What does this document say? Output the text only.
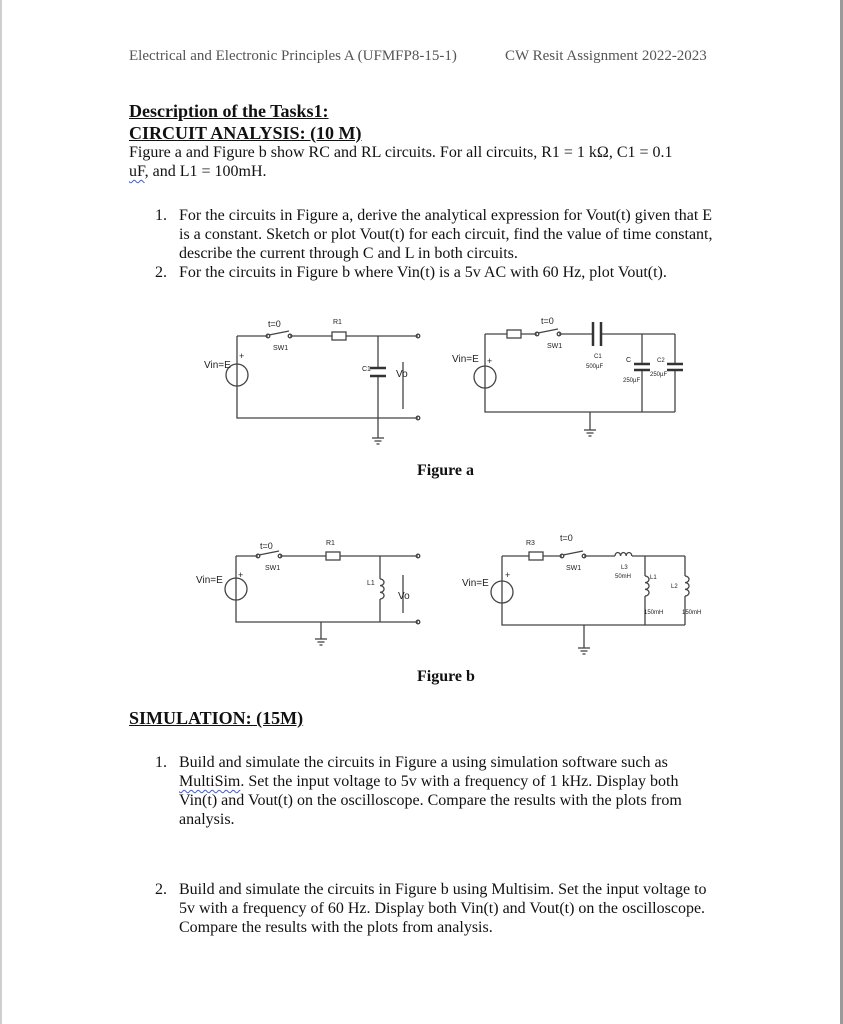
Electrical and Electronic Principles A (UFMFP8-15-1)	CW Resit Assignment 2022-2023
Description of the Tasks1:
CIRCUIT ANALYSIS: (10 M)
Figure a and Figure b show RC and RL circuits. For all circuits, R1 = 1 kΩ, C1 = 0.1
uF, and L1 = 100mH.
1. For the circuits in Figure a, derive the analytical expression for Vout(t) given that E is a constant. Sketch or plot Vout(t) for each circuit, find the value of time constant, describe the current through C and L in both circuits.
2. For the circuits in Figure b where Vin(t) is a 5v AC with 60 Hz, plot Vout(t).
Vin=E
+
t=0
SW1
R1
C1	Vo
Vin=E +
t=0
SW1
C1
500µF
C
250µF
C2
250µF
Figure a
Vin=E +
t=0
SW1
R1
L1
Vo
Vin=E
+
R3
t=0
SW1	L3
50mH	L1
150mH
L2
150mH
Figure b
SIMULATION: (15M)
1. Build and simulate the circuits in Figure a using simulation software such as MultiSim. Set the input voltage to 5v with a frequency of 1 kHz. Display both Vin(t) and Vout(t) on the oscilloscope. Compare the results with the plots from analysis.
2. Build and simulate the circuits in Figure b using Multisim. Set the input voltage to 5v with a frequency of 60 Hz. Display both Vin(t) and Vout(t) on the oscilloscope. Compare the results with the plots from analysis.
